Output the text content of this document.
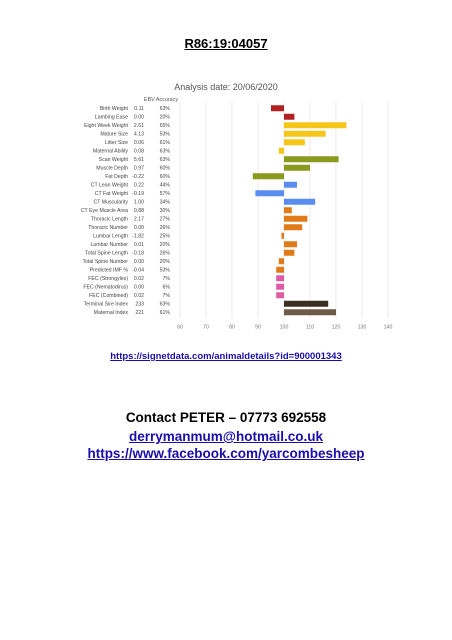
R86:19:04057
Analysis date: 20/06/2020
60	70	80	90	100	110	120	130	140
EBV Accuracy
Birth Weight 0.11	63%
Lambing Ease 0.00	20%
Eight Week Weight 2.61	65%
Mature Size 4.13	53%
Litter Size 0.06	61%
Maternal Ability 0.08	63%
Scan Weight 5.61	63%
Muscle Depth 0.97	60%
Fat Depth -0.22	60%
CT Lean Weight 0.22	44%
CT Fat Weight -0.19	57%
CT Muscularity 1.00	34%
CT Eye Muscle Area 0.88	30%
Thoracic Length 2.17	27%
Thoracic Number 0.00	26%
Lumbar Length -1.82	25%
Lumbar Number 0.01	20%
Total Spine Length -0.18	26%
Total Spine Number 0.00	20%
Predicted IMF % -0.04	53%
FEC (Strongyles) 0.02	7%
FEC (Nematodirus) 0.00	6%
FEC (Combined) 0.02	7%
Terminal Sire Index 233	63%
Maternal Index 221	61%
https://signetdata.com/animaldetails?id=900001343
Contact PETER – 07773 692558
derrymanmum@hotmail.co.uk
https://www.facebook.com/yarcombesheep
